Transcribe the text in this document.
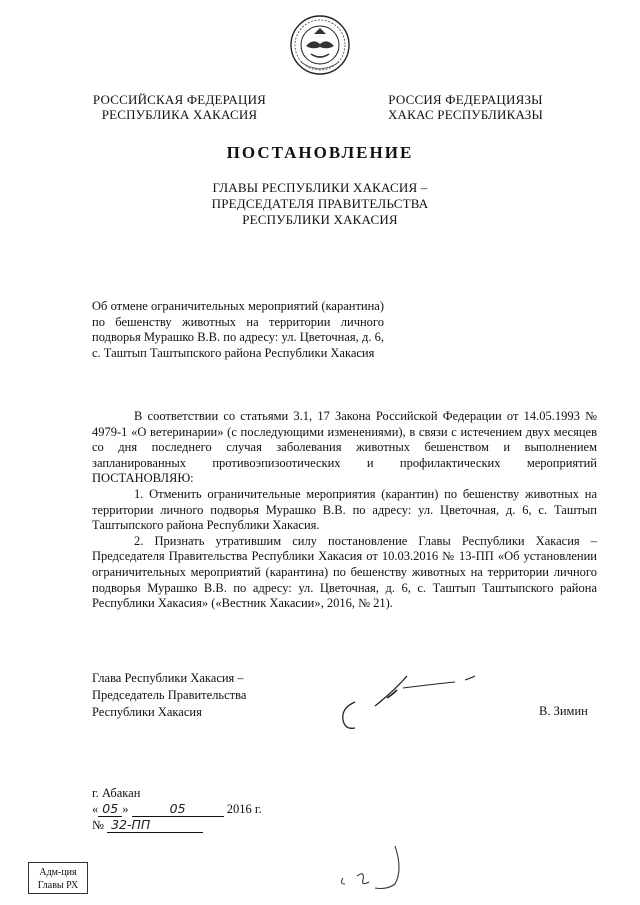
РОССИЙСКАЯ ФЕДЕРАЦИЯ
РЕСПУБЛИКА ХАКАСИЯ
РОССИЯ ФЕДЕРАЦИЯЗЫ
ХАКАС РЕСПУБЛИКАЗЫ
ПОСТАНОВЛЕНИЕ
ГЛАВЫ РЕСПУБЛИКИ ХАКАСИЯ –
ПРЕДСЕДАТЕЛЯ ПРАВИТЕЛЬСТВА
РЕСПУБЛИКИ ХАКАСИЯ
Об отмене ограничительных мероприятий (карантина) по бешенству животных на территории личного подворья Мурашко В.В. по адресу: ул. Цветочная, д. 6, с. Таштып Таштыпского района Республики Хакасия

В соответствии со статьями 3.1, 17 Закона Российской Федерации от 14.05.1993 № 4979-1 «О ветеринарии» (с последующими изменениями), в связи с истечением двух месяцев со дня последнего случая заболевания животных бешенством и выполнением запланированных противоэпизоотических и профилактических мероприятий ПОСТАНОВЛЯЮ:

1. Отменить ограничительные мероприятия (карантин) по бешенству животных на территории личного подворья Мурашко В.В. по адресу: ул. Цветочная, д. 6, с. Таштып Таштыпского района Республики Хакасия.

2. Признать утратившим силу постановление Главы Республики Хакасия – Председателя Правительства Республики Хакасия от 10.03.2016 № 13-ПП «Об установлении ограничительных мероприятий (карантина) по бешенству животных на территории личного подворья Мурашко В.В. по адресу: ул. Цветочная, д. 6, с. Таштып Таштыпского района Республики Хакасия» («Вестник Хакасии», 2016, № 21).

Глава Республики Хакасия –
Председатель Правительства
Республики Хакасия	В. Зимин
г. Абакан
« 05 »	05	2016 г.
№ 32-ПП
Адм-ция
Главы РХ
